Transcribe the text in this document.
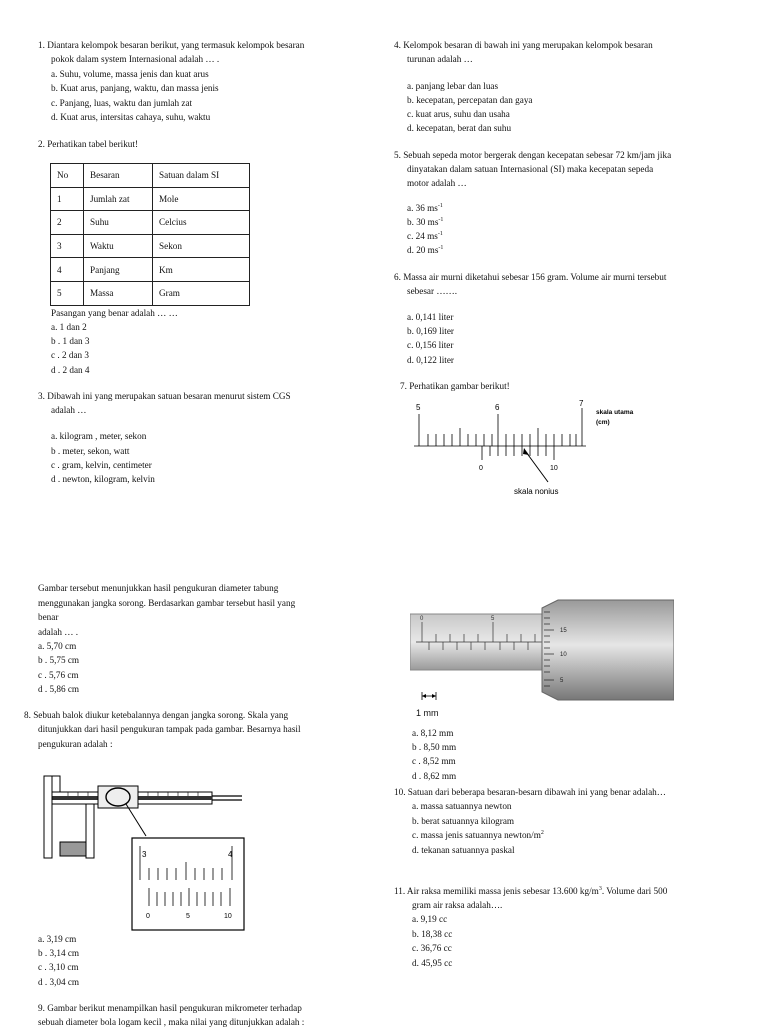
1. Diantara kelompok besaran berikut, yang termasuk kelompok besaran

pokok dalam system Internasional adalah … .

a. Suhu, volume, massa jenis dan kuat arus

b. Kuat arus, panjang, waktu, dan massa jenis

c. Panjang, luas, waktu dan jumlah zat

d. Kuat arus, intersitas cahaya, suhu, waktu

2. Perhatikan tabel berikut!

No	Besaran	Satuan dalam SI
1	Jumlah zat	Mole
2	Suhu	Celcius
3	Waktu	Sekon
4	Panjang	Km
5	Massa	Gram

Pasangan yang benar adalah … …

a. 1 dan 2

b . 1 dan 3

c . 2 dan 3

d . 2 dan 4

3. Dibawah ini yang merupakan satuan besaran menurut sistem CGS

adalah …

a. kilogram , meter, sekon

b . meter, sekon, watt

c . gram, kelvin, centimeter

d . newton, kilogram, kelvin

Gambar tersebut menunjukkan hasil pengukuran diameter tabung

menggunakan jangka sorong. Berdasarkan gambar tersebut hasil yang

benar

adalah … .

a. 5,70 cm

b . 5,75 cm

c . 5,76 cm

d . 5,86 cm

8. Sebuah balok diukur ketebalannya dengan jangka sorong. Skala yang

ditunjukkan dari hasil pengukuran tampak pada gambar. Besarnya hasil

pengukuran adalah :

cm
3	4
0	5	10

a. 3,19 cm

b . 3,14 cm

c . 3,10 cm

d . 3,04 cm

9. Gambar berikut menampilkan hasil pengukuran mikrometer terhadap

sebuah diameter bola logam kecil , maka nilai yang ditunjukkan adalah :

4. Kelompok besaran di bawah ini yang merupakan kelompok besaran

turunan adalah …

a. panjang lebar dan luas

b. kecepatan, percepatan dan gaya

c. kuat arus, suhu dan usaha

d. kecepatan, berat dan suhu

5. Sebuah sepeda motor bergerak dengan kecepatan sebesar 72 km/jam jika

dinyatakan dalam satuan Internasional (SI) maka kecepatan sepeda

motor adalah …

a. 36 $ms^{-1}$

b. 30 $ms^{-1}$

c. 24 $ms^{-1}$

d. 20 $ms^{-1}$

6. Massa air murni diketahui sebesar 156 gram. Volume air murni tersebut

sebesar …….

a. 0,141 liter

b. 0,169 liter

c. 0,156 liter

d. 0,122 liter

7. Perhatikan gambar berikut!

5	6	7
0	10
skala utama
(cm)
skala nonius
0	5
15
10
5
1 mm

a. 8,12 mm

b . 8,50 mm

c . 8,52 mm

d . 8,62 mm

10. Satuan dari beberapa besaran-besarn dibawah ini yang benar adalah…

a. massa satuannya newton

b. berat satuannya kilogram

c. massa jenis satuannya newton/$m^2$

d. tekanan satuannya paskal

11. Air raksa memiliki massa jenis sebesar 13.600 $kg/m^3$. Volume dari 500

gram air raksa adalah….

a. 9,19 cc

b. 18,38 cc

c. 36,76 cc

d. 45,95 cc
